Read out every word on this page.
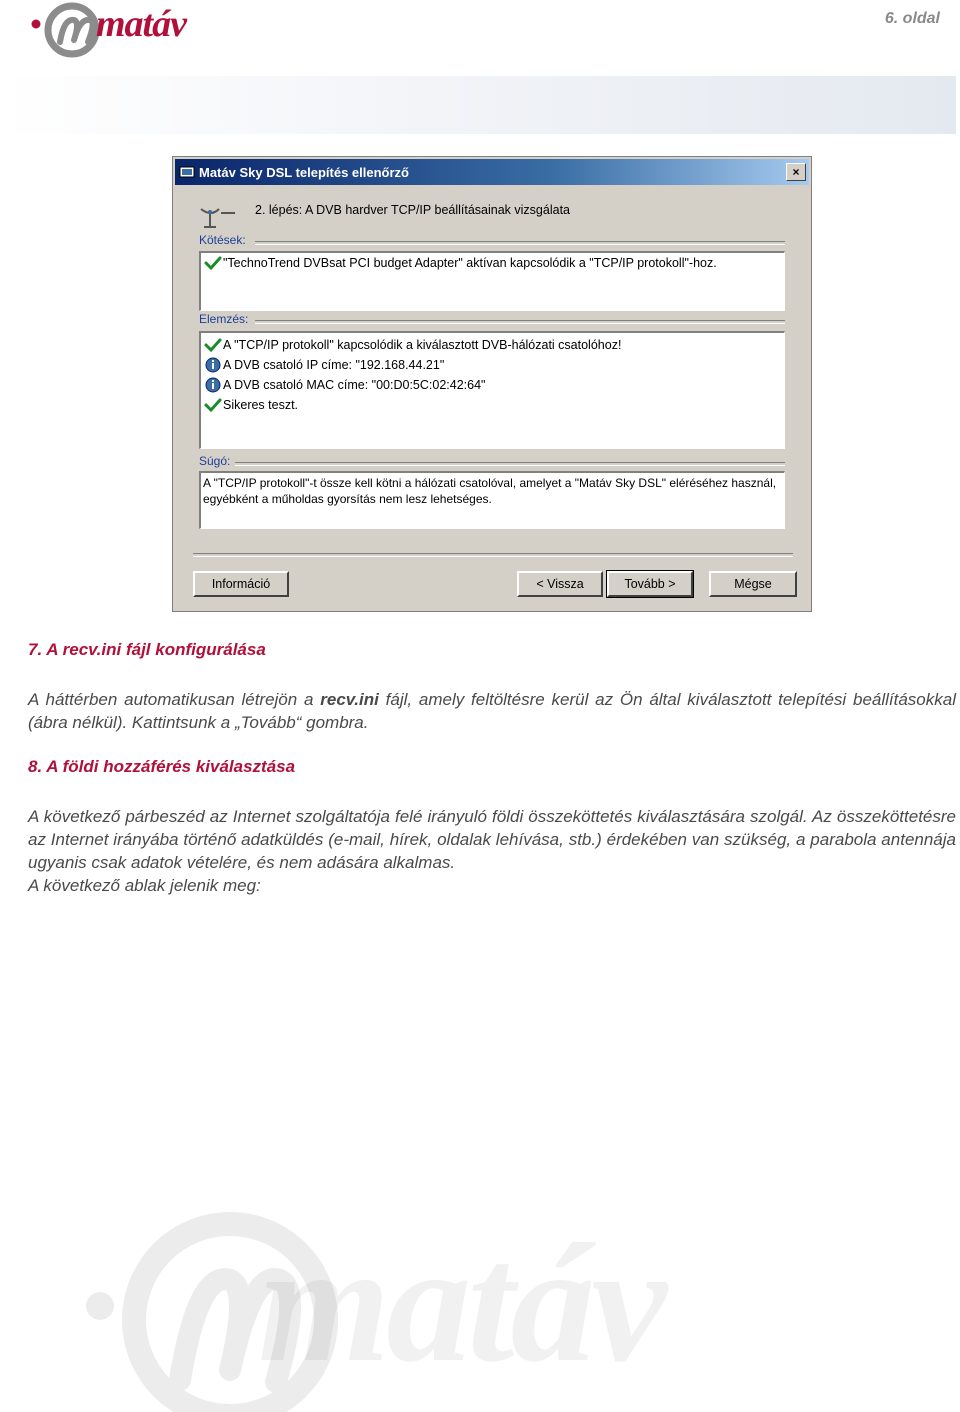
matáv	6. oldal
Matáv Sky DSL telepítés ellenőrző	×
2. lépés: A DVB hardver TCP/IP beállításainak vizsgálata
Kötések:
"TechnoTrend DVBsat PCI budget Adapter" aktívan kapcsolódik a "TCP/IP protokoll"-hoz.
Elemzés:
A "TCP/IP protokoll" kapcsolódik a kiválasztott DVB-hálózati csatolóhoz!
A DVB csatoló IP címe: "192.168.44.21"
A DVB csatoló MAC címe: "00:D0:5C:02:42:64"
Sikeres teszt.
Súgó:
A "TCP/IP protokoll"-t össze kell kötni a hálózati csatolóval, amelyet a "Matáv Sky DSL" eléréséhez használ, egyébként a műholdas gyorsítás nem lesz lehetséges.
Információ	< Vissza	Tovább >	Mégse
7. A recv.ini fájl konfigurálása
A háttérben automatikusan létrejön a recv.ini fájl, amely feltöltésre kerül az Ön által kiválasztott telepítési beállításokkal (ábra nélkül). Kattintsunk a „Tovább“ gombra.
8. A földi hozzáférés kiválasztása
A következő párbeszéd az Internet szolgáltatója felé irányuló földi összeköttetés kiválasztására szolgál. Az összeköttetésre az Internet irányába történő adatküldés (e-mail, hírek, oldalak lehívása, stb.) érdekében van szükség, a parabola antennája ugyanis csak adatok vételére, és nem adására alkalmas.
A következő ablak jelenik meg:
matáv
